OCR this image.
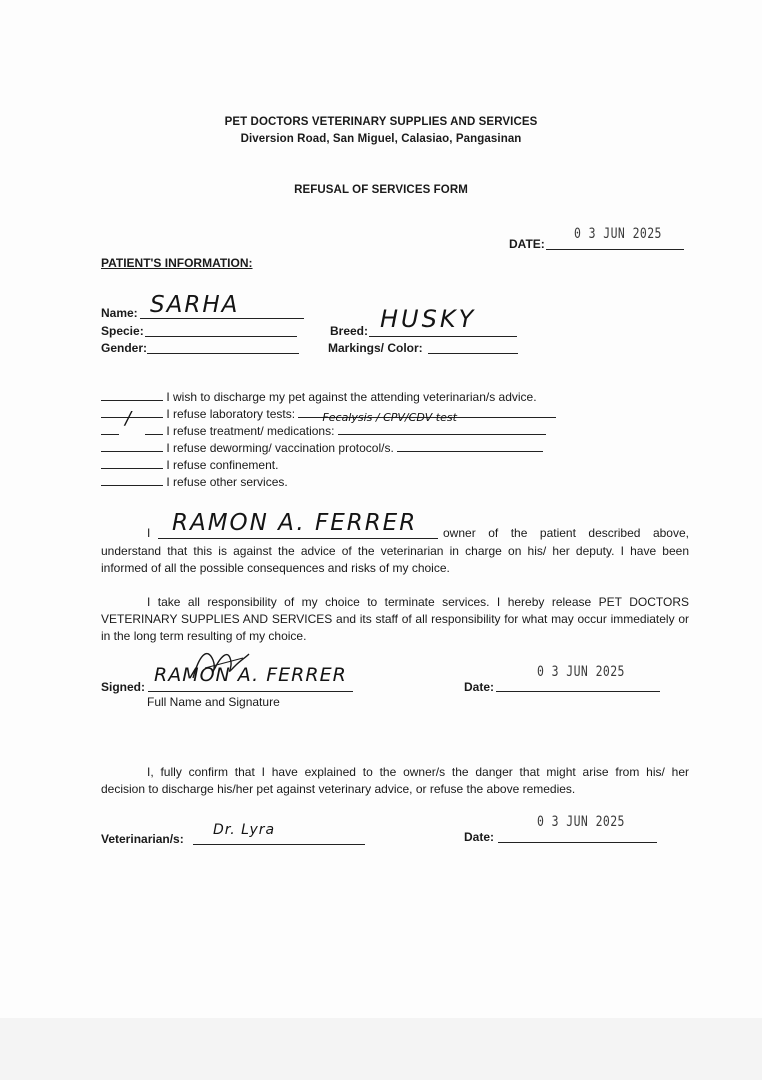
PET DOCTORS VETERINARY SUPPLIES AND SERVICES
Diversion Road, San Miguel, Calasiao, Pangasinan
REFUSAL OF SERVICES FORM
DATE:
0 3 JUN 2025
PATIENT'S INFORMATION:
Name: SARHA
Specie:
Gender:
Breed: HUSKY
Markings/ Color:
I wish to discharge my pet against the attending veterinarian/s advice.
/	I refuse laboratory tests: Fecalysis / CPV/CDV test
I refuse treatment/ medications:
I refuse deworming/ vaccination protocol/s.
I refuse confinement.
I refuse other services.
I RAMON A. FERRER owner of the patient described above,
understand that this is against the advice of the veterinarian in charge on his/ her deputy. I have been
informed of all the possible consequences and risks of my choice.
I take all responsibility of my choice to terminate services. I hereby release PET DOCTORS
VETERINARY SUPPLIES AND SERVICES and its staff of all responsibility for what may occur immediately or
in the long term resulting of my choice.
Signed:
RAMON A. FERRER
Full Name and Signature
Date:
0 3 JUN 2025
I, fully confirm that I have explained to the owner/s the danger that might arise from his/ her
decision to discharge his/her pet against veterinary advice, or refuse the above remedies.
Veterinarian/s:
Dr. Lyra	Date:
0 3 JUN 2025
